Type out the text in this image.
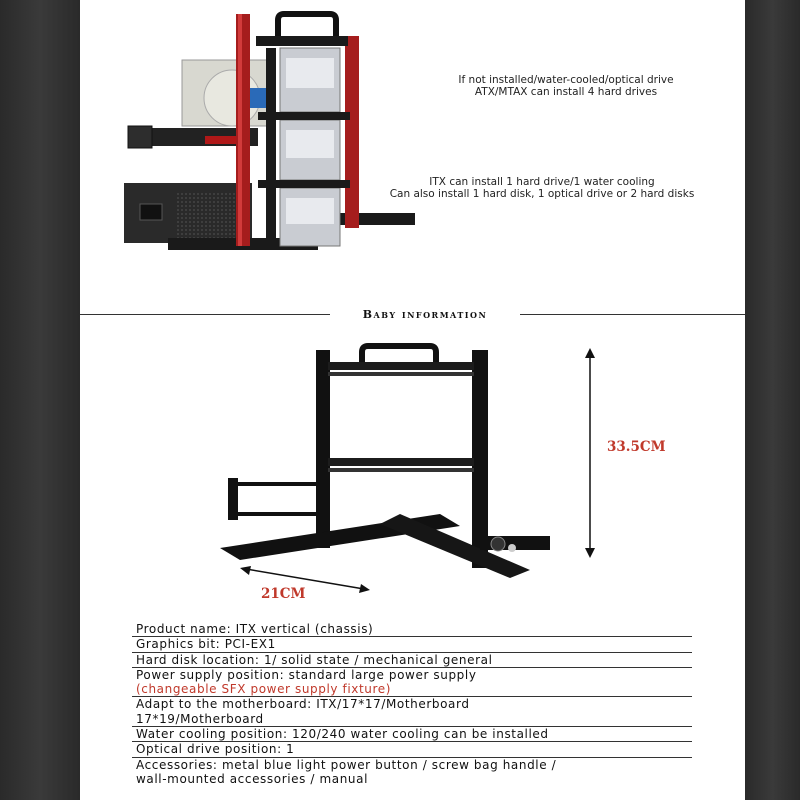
If not installed/water-cooled/optical drive
ATX/MTAX can install 4 hard drives
ITX can install 1 hard drive/1 water cooling
Can also install 1 hard disk, 1 optical drive or 2 hard disks
Baby information
33.5CM
21CM
Product name: ITX vertical (chassis)
Graphics bit: PCI-EX1
Hard disk location: 1/ solid state / mechanical general
Power supply position: standard large power supply
(changeable SFX power supply fixture)
Adapt to the motherboard: ITX/17*17/Motherboard
17*19/Motherboard
Water cooling position: 120/240 water cooling can be installed
Optical drive position: 1
Accessories: metal blue light power button / screw bag handle /
wall-mounted accessories / manual
